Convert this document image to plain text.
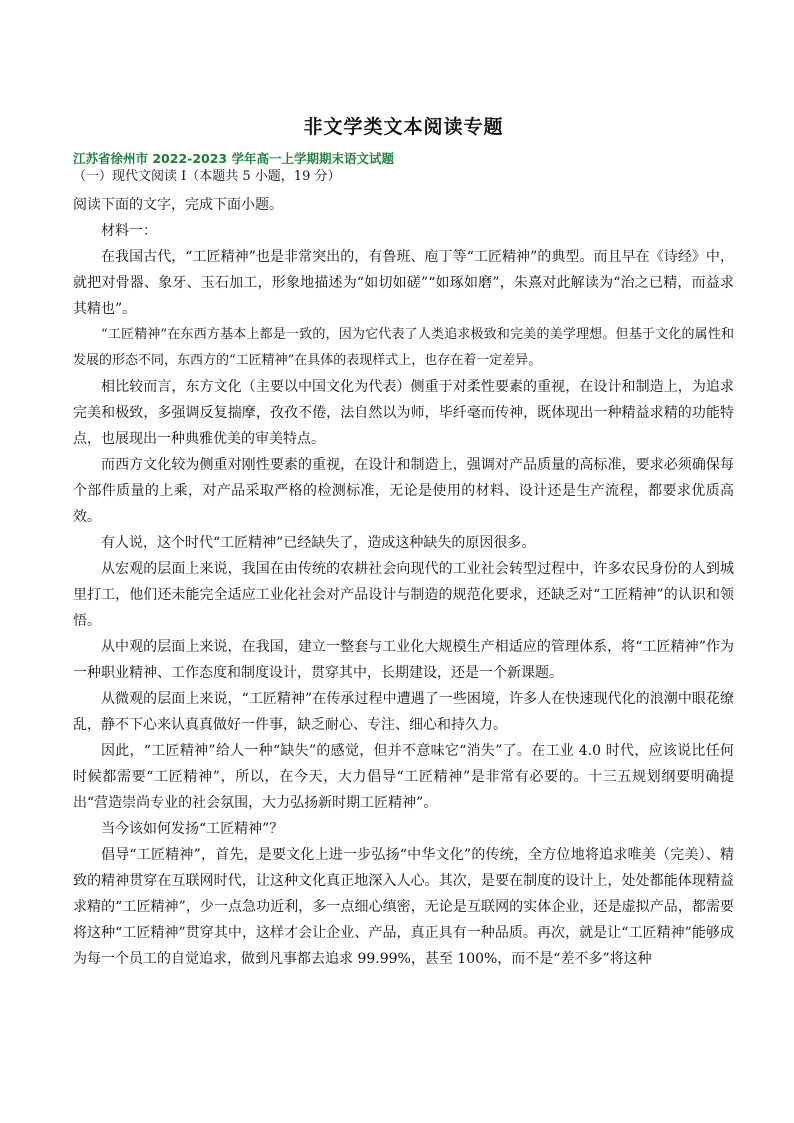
非文学类文本阅读专题
江苏省徐州市 2022-2023 学年高一上学期期末语文试题
（一）现代文阅读 I（本题共 5 小题，19 分）

阅读下面的文字，完成下面小题。

材料一：

在我国古代，“工匠精神”也是非常突出的，有鲁班、庖丁等“工匠精神”的典型。而且早在《诗经》中，就把对骨器、象牙、玉石加工，形象地描述为“如切如磋”“如琢如磨”，朱熹对此解读为“治之已精，而益求其精也”。

“工匠精神”在东西方基本上都是一致的，因为它代表了人类追求极致和完美的美学理想。但基于文化的属性和发展的形态不同，东西方的“工匠精神”在具体的表现样式上，也存在着一定差异。

相比较而言，东方文化（主要以中国文化为代表）侧重于对柔性要素的重视，在设计和制造上，为追求完美和极致，多强调反复揣摩，孜孜不倦，法自然以为师，毕纤毫而传神，既体现出一种精益求精的功能特点，也展现出一种典雅优美的审美特点。

而西方文化较为侧重对刚性要素的重视，在设计和制造上，强调对产品质量的高标准，要求必须确保每个部件质量的上乘，对产品采取严格的检测标准，无论是使用的材料、设计还是生产流程，都要求优质高效。

有人说，这个时代“工匠精神”已经缺失了，造成这种缺失的原因很多。

从宏观的层面上来说，我国在由传统的农耕社会向现代的工业社会转型过程中，许多农民身份的人到城里打工，他们还未能完全适应工业化社会对产品设计与制造的规范化要求，还缺乏对“工匠精神”的认识和领悟。

从中观的层面上来说，在我国，建立一整套与工业化大规模生产相适应的管理体系，将“工匠精神”作为一种职业精神、工作态度和制度设计，贯穿其中，长期建设，还是一个新课题。

从微观的层面上来说，“工匠精神”在传承过程中遭遇了一些困境，许多人在快速现代化的浪潮中眼花缭乱，静不下心来认真真做好一件事，缺乏耐心、专注、细心和持久力。

因此，“工匠精神”给人一种“缺失”的感觉，但并不意味它“消失”了。在工业 4.0 时代，应该说比任何时候都需要“工匠精神”，所以，在今天，大力倡导“工匠精神”是非常有必要的。十三五规划纲要明确提出“营造崇尚专业的社会氛围，大力弘扬新时期工匠精神”。

当今该如何发扬“工匠精神”？

倡导“工匠精神”，首先，是要文化上进一步弘扬“中华文化”的传统，全方位地将追求唯美（完美）、精致的精神贯穿在互联网时代，让这种文化真正地深入人心。其次，是要在制度的设计上，处处都能体现精益求精的“工匠精神”，少一点急功近利，多一点细心缜密，无论是互联网的实体企业，还是虚拟产品，都需要将这种“工匠精神”贯穿其中，这样才会让企业、产品，真正具有一种品质。再次，就是让“工匠精神”能够成为每一个员工的自觉追求，做到凡事都去追求 99.99%，甚至 100%，而不是“差不多”将这种
